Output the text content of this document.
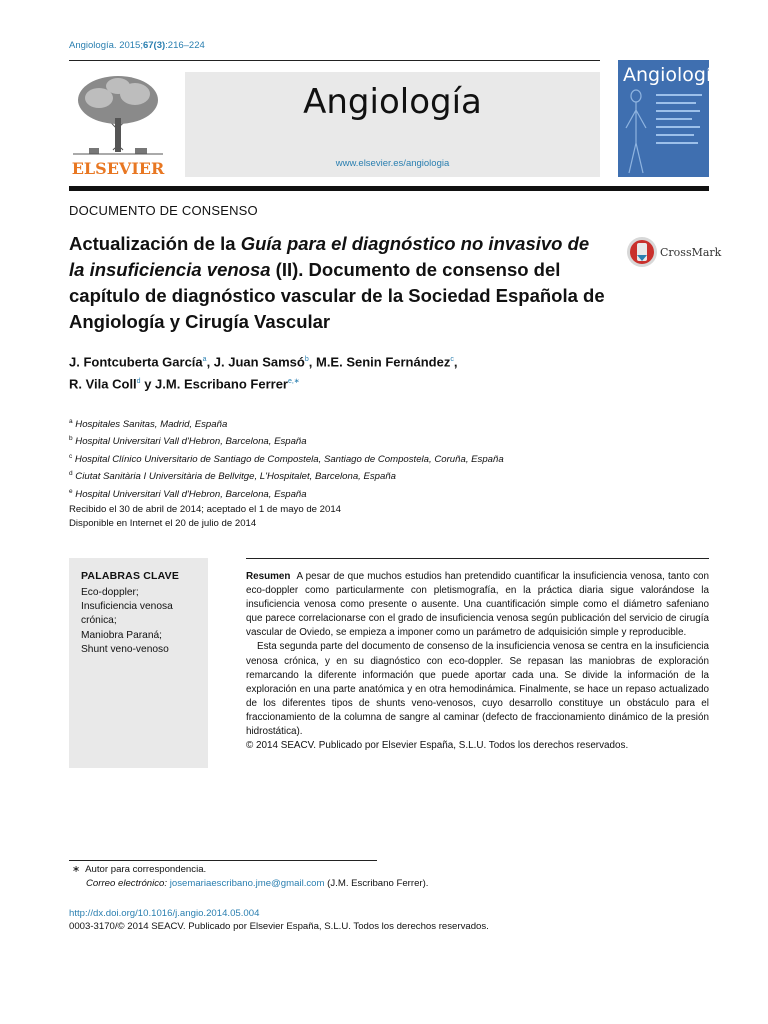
Angiología. 2015;67(3):216–224
ELSEVIER
Angiología
www.elsevier.es/angiologia
Angiología
DOCUMENTO DE CONSENSO
Actualización de la Guía para el diagnóstico no invasivo de la insuficiencia venosa (II). Documento de consenso del capítulo de diagnóstico vascular de la Sociedad Española de Angiología y Cirugía Vascular
CrossMark
J. Fontcuberta García$^a$, J. Juan Samsó$^b$, M.E. Senin Fernández$^c$,
R. Vila Coll$^d$ y J.M. Escribano Ferrer$^{e,∗}$
$^a$ Hospitales Sanitas, Madrid, España
$^b$ Hospital Universitari Vall d'Hebron, Barcelona, España
$^c$ Hospital Clínico Universitario de Santiago de Compostela, Santiago de Compostela, Coruña, España
$^d$ Ciutat Sanitària I Universitària de Bellvitge, L'Hospitalet, Barcelona, España
$^e$ Hospital Universitari Vall d'Hebron, Barcelona, España
Recibido el 30 de abril de 2014; aceptado el 1 de mayo de 2014
Disponible en Internet el 20 de julio de 2014
PALABRAS CLAVE
Eco-doppler;
Insuficiencia venosa crónica;
Maniobra Paraná;
Shunt veno-venoso

Resumen A pesar de que muchos estudios han pretendido cuantificar la insuficiencia venosa, tanto con eco-doppler como particularmente con pletismografía, en la práctica diaria sigue valorándose la insuficiencia venosa como presente o ausente. Una cuantificación simple como el diámetro safeniano que parece correlacionarse con el grado de insuficiencia venosa según publicación del servicio de cirugía vascular de Oviedo, se empieza a imponer como un parámetro de adquisición simple y reproducible.

Esta segunda parte del documento de consenso de la insuficiencia venosa se centra en la insuficiencia venosa crónica, y en su diagnóstico con eco-doppler. Se repasan las maniobras de exploración remarcando la diferente información que puede aportar cada una. Se divide la información de la exploración en una parte anatómica y en otra hemodinámica. Finalmente, se hace un repaso actualizado de los diferentes tipos de shunts veno-venosos, cuyo desarrollo constituye un obstáculo para el fraccionamiento de la columna de sangre al caminar (defecto de fraccionamiento dinámico de la presión hidrostática).

© 2014 SEACV. Publicado por Elsevier España, S.L.U. Todos los derechos reservados.

∗ Autor para correspondencia.
Correo electrónico: josemariaescribano.jme@gmail.com (J.M. Escribano Ferrer).
http://dx.doi.org/10.1016/j.angio.2014.05.004
0003-3170/© 2014 SEACV. Publicado por Elsevier España, S.L.U. Todos los derechos reservados.
